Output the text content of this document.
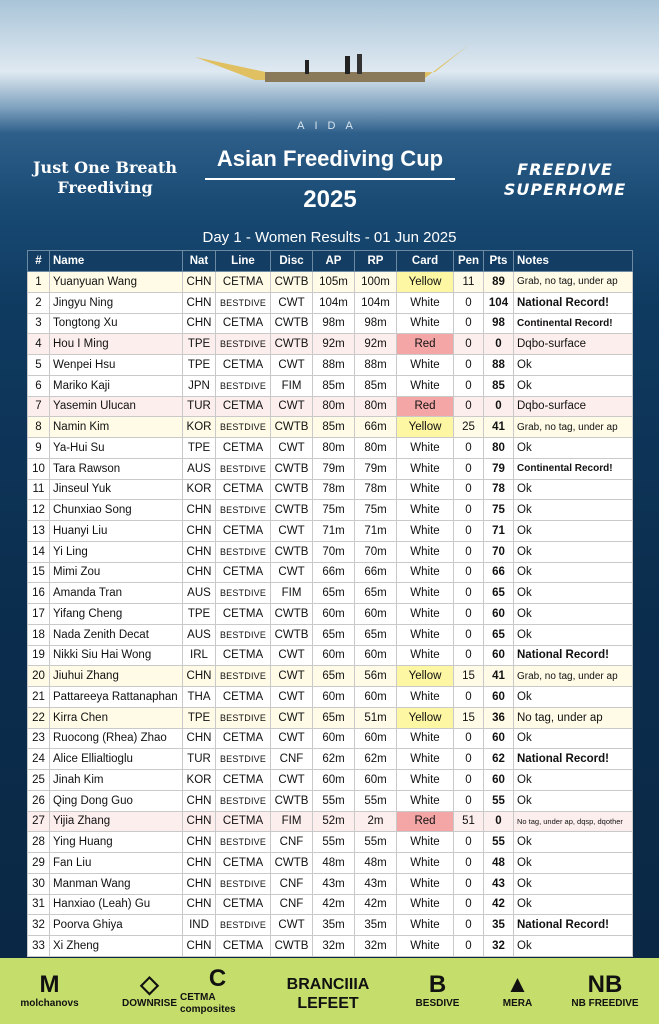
AIDA
Just One Breath
Freediving
Asian Freediving Cup
2025
FREEDIVE
SUPERHOME
Day 1 - Women Results - 01 Jun 2025
#	Name	Nat	Line	Disc	AP	RP	Card	Pen	Pts	Notes
1	Yuanyuan Wang	CHN	CETMA	CWTB	105m	100m	Yellow	11	89	Grab, no tag, under ap
2	Jingyu Ning	CHN	BESTDIVE	CWT	104m	104m	White	0	104	National Record!
3	Tongtong Xu	CHN	CETMA	CWTB	98m	98m	White	0	98	Continental Record!
4	Hou I Ming	TPE	BESTDIVE	CWTB	92m	92m	Red	0	0	Dqbo-surface
5	Wenpei Hsu	TPE	CETMA	CWT	88m	88m	White	0	88	Ok
6	Mariko Kaji	JPN	BESTDIVE	FIM	85m	85m	White	0	85	Ok
7	Yasemin Ulucan	TUR	CETMA	CWT	80m	80m	Red	0	0	Dqbo-surface
8	Namin Kim	KOR	BESTDIVE	CWTB	85m	66m	Yellow	25	41	Grab, no tag, under ap
9	Ya-Hui Su	TPE	CETMA	CWT	80m	80m	White	0	80	Ok
10	Tara Rawson	AUS	BESTDIVE	CWTB	79m	79m	White	0	79	Continental Record!
11	Jinseul Yuk	KOR	CETMA	CWTB	78m	78m	White	0	78	Ok
12	Chunxiao Song	CHN	BESTDIVE	CWTB	75m	75m	White	0	75	Ok
13	Huanyi Liu	CHN	CETMA	CWT	71m	71m	White	0	71	Ok
14	Yi Ling	CHN	BESTDIVE	CWTB	70m	70m	White	0	70	Ok
15	Mimi Zou	CHN	CETMA	CWT	66m	66m	White	0	66	Ok
16	Amanda Tran	AUS	BESTDIVE	FIM	65m	65m	White	0	65	Ok
17	Yifang Cheng	TPE	CETMA	CWTB	60m	60m	White	0	60	Ok
18	Nada Zenith Decat	AUS	BESTDIVE	CWTB	65m	65m	White	0	65	Ok
19	Nikki Siu Hai Wong	IRL	CETMA	CWT	60m	60m	White	0	60	National Record!
20	Jiuhui Zhang	CHN	BESTDIVE	CWT	65m	56m	Yellow	15	41	Grab, no tag, under ap
21	Pattareeya Rattanaphan	THA	CETMA	CWT	60m	60m	White	0	60	Ok
22	Kirra Chen	TPE	BESTDIVE	CWT	65m	51m	Yellow	15	36	No tag, under ap
23	Ruocong (Rhea) Zhao	CHN	CETMA	CWT	60m	60m	White	0	60	Ok
24	Alice Ellialtioglu	TUR	BESTDIVE	CNF	62m	62m	White	0	62	National Record!
25	Jinah Kim	KOR	CETMA	CWT	60m	60m	White	0	60	Ok
26	Qing Dong Guo	CHN	BESTDIVE	CWTB	55m	55m	White	0	55	Ok
27	Yijia Zhang	CHN	CETMA	FIM	52m	2m	Red	51	0	No tag, under ap, dqsp, dqother
28	Ying Huang	CHN	BESTDIVE	CNF	55m	55m	White	0	55	Ok
29	Fan Liu	CHN	CETMA	CWTB	48m	48m	White	0	48	Ok
30	Manman Wang	CHN	BESTDIVE	CNF	43m	43m	White	0	43	Ok
31	Hanxiao (Leah) Gu	CHN	CETMA	CNF	42m	42m	White	0	42	Ok
32	Poorva Ghiya	IND	BESTDIVE	CWT	35m	35m	White	0	35	National Record!
33	Xi Zheng	CHN	CETMA	CWTB	32m	32m	White	0	32	Ok
M
molchanovs
◇
DOWNRISE
C
CETMA composites
BRANCIIIA
LEFEET
B
BESDIVE
▲
MERA
NB
NB FREEDIVE
